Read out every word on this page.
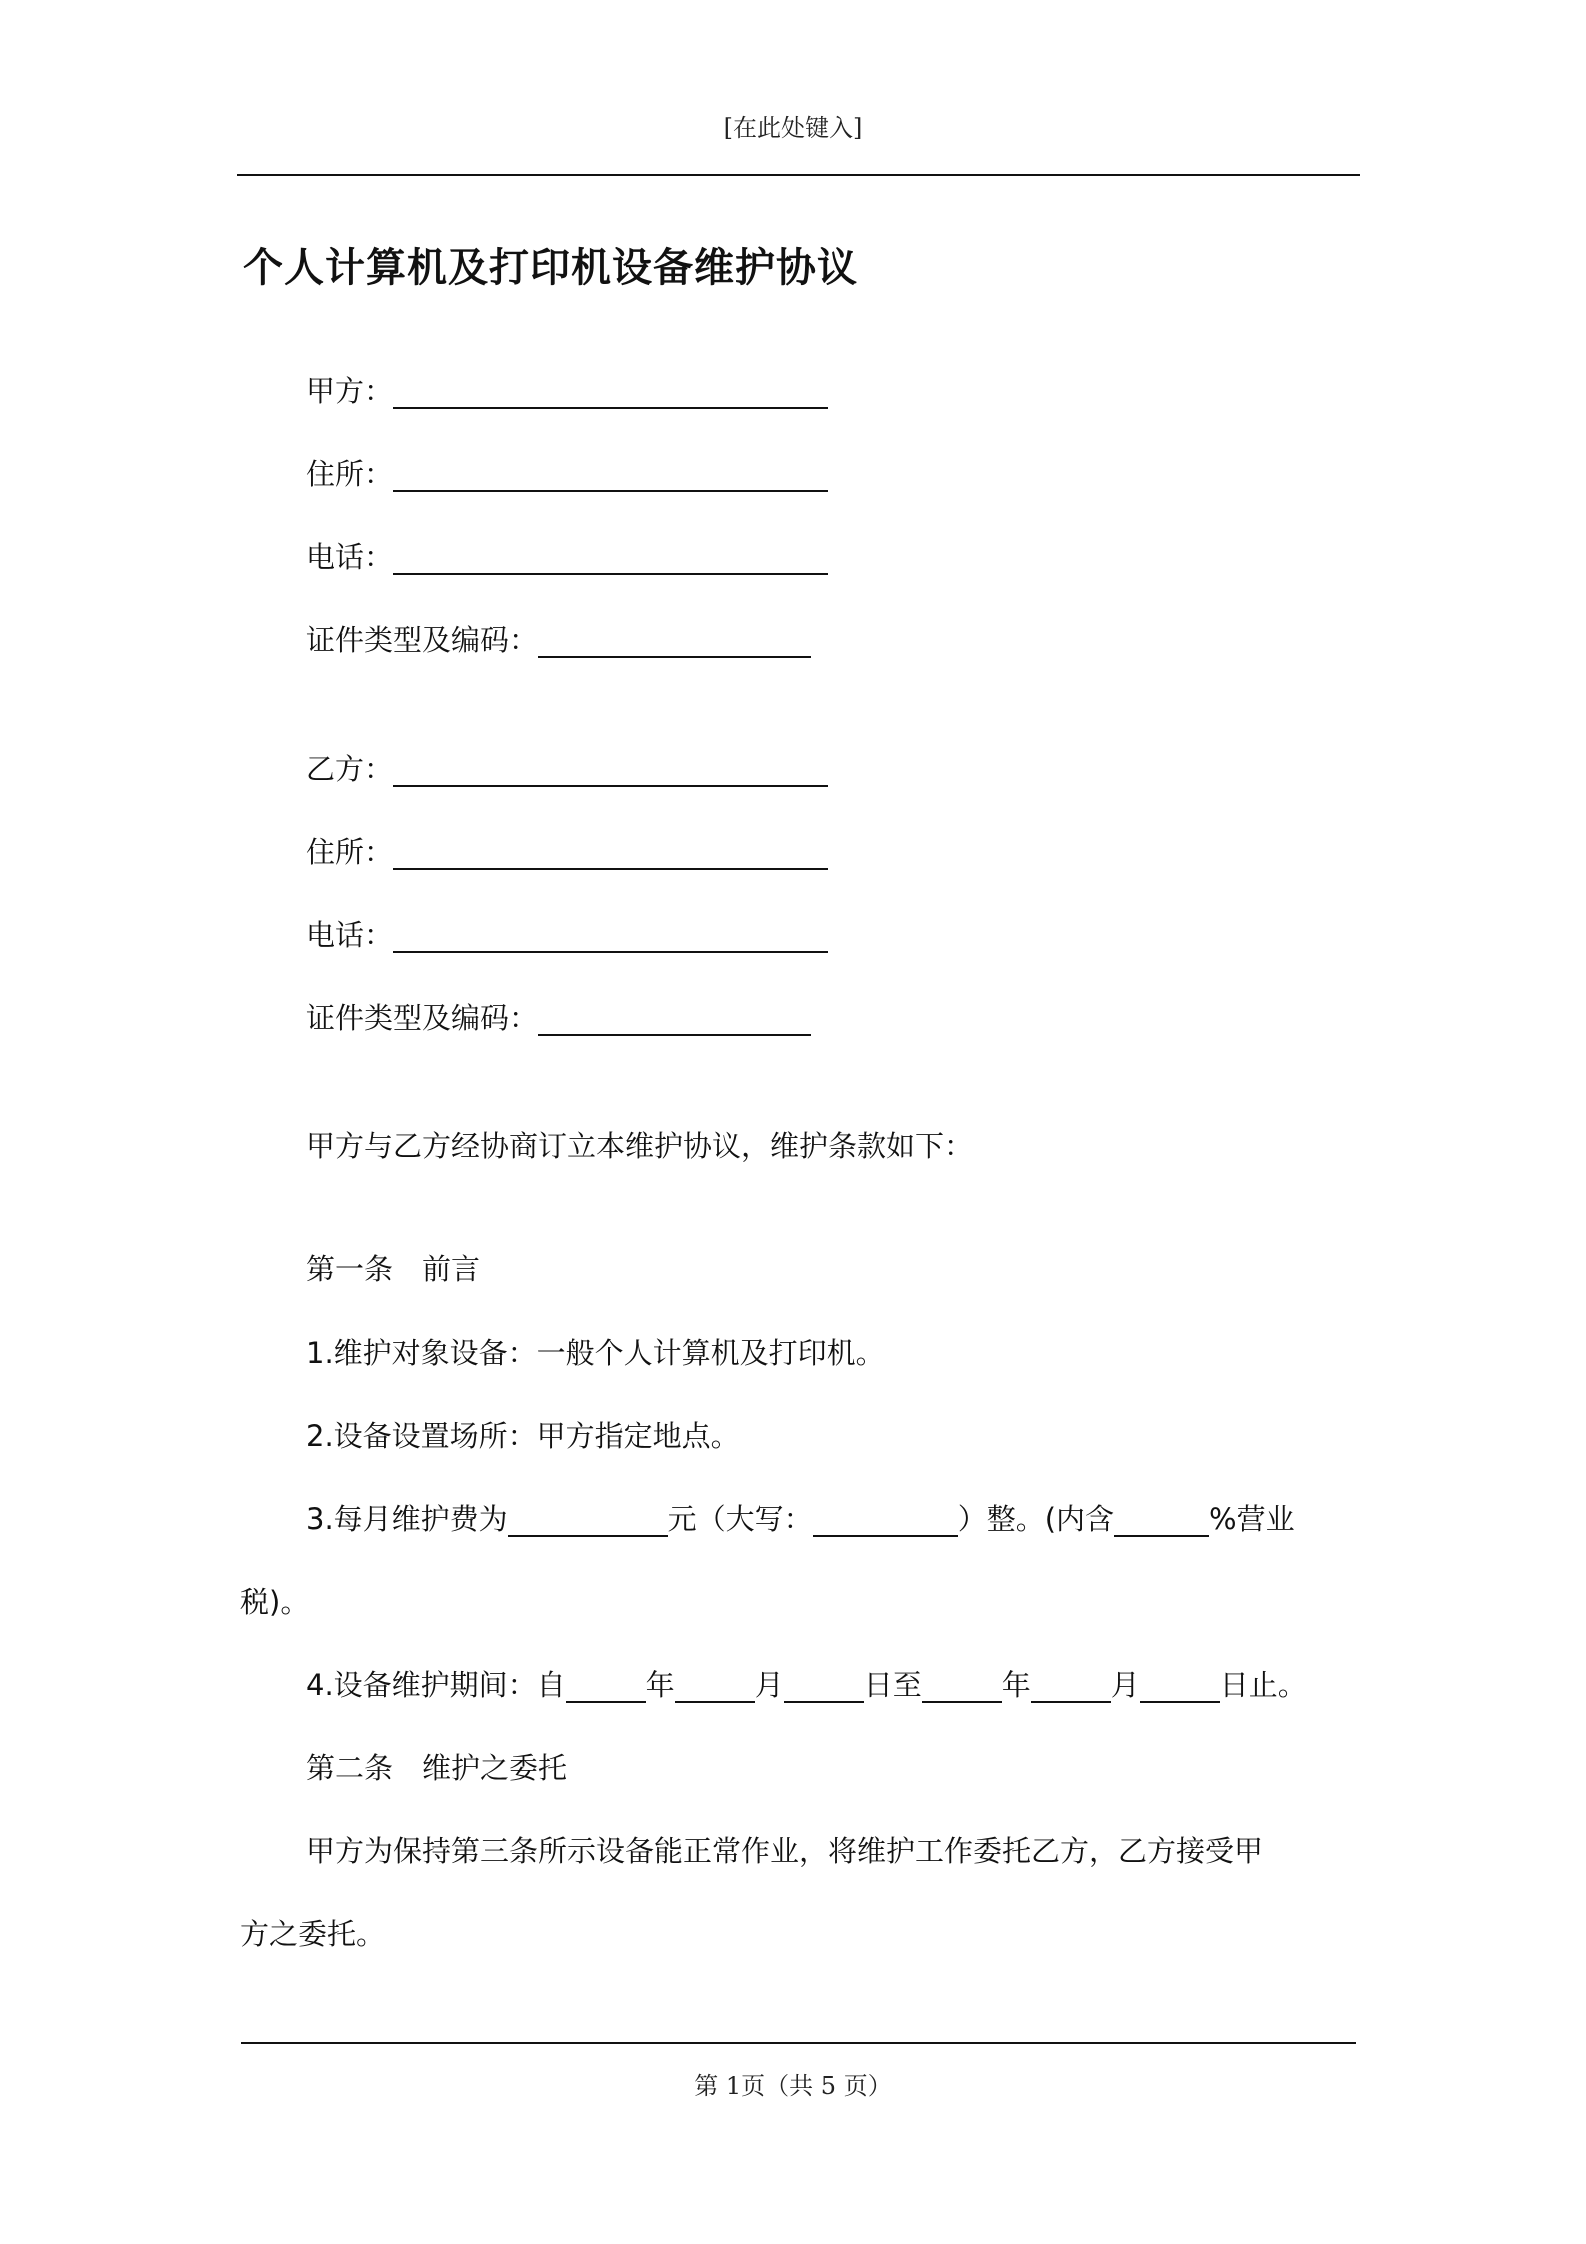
[在此处键入]
个人计算机及打印机设备维护协议
甲方：
住所：
电话：
证件类型及编码：
乙方：
住所：
电话：
证件类型及编码：
甲方与乙方经协商订立本维护协议，维护条款如下：
第一条　前言
1.维护对象设备：一般个人计算机及打印机。
2.设备设置场所：甲方指定地点。
3.每月维护费为	元（大写：	）整。(内含	%营业
税)。
4.设备维护期间：自	年	月	日至	年	月	日止。
第二条　维护之委托
甲方为保持第三条所示设备能正常作业，将维护工作委托乙方，乙方接受甲
方之委托。
第 1页（共 5 页）
